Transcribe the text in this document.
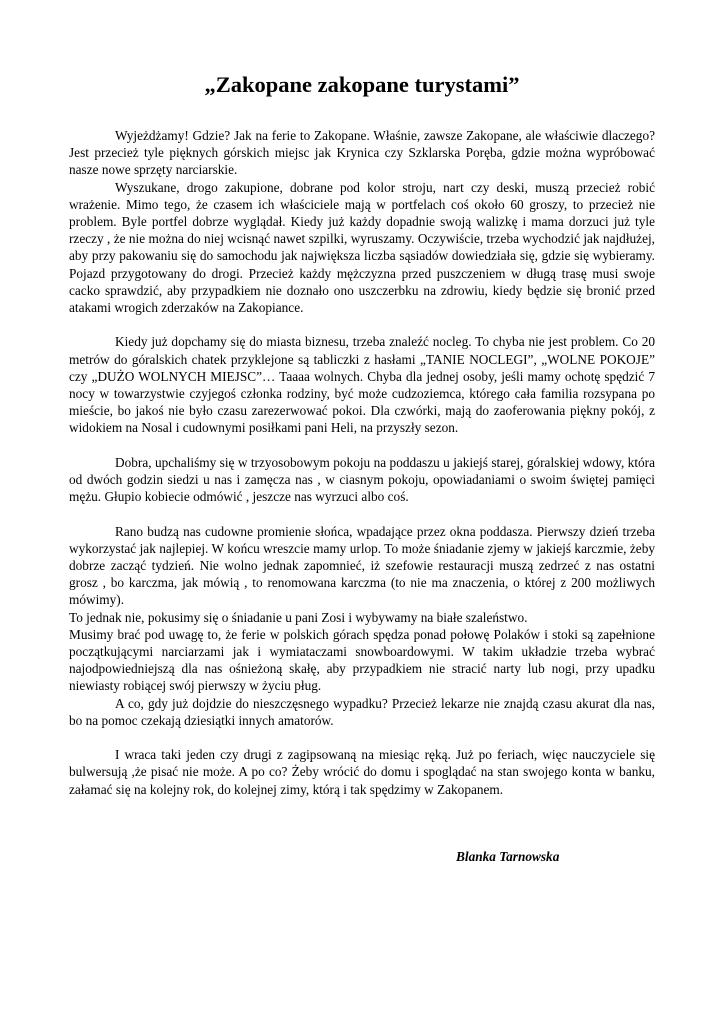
„Zakopane zakopane turystami”

Wyjeżdżamy! Gdzie? Jak na ferie to Zakopane. Właśnie, zawsze Zakopane, ale właściwie dlaczego? Jest przecież tyle pięknych górskich miejsc jak Krynica czy Szklarska Poręba, gdzie można wypróbować nasze nowe sprzęty narciarskie.

Wyszukane, drogo zakupione, dobrane pod kolor stroju, nart czy deski, muszą przecież robić wrażenie. Mimo tego, że czasem ich właściciele mają w portfelach coś około 60 groszy, to przecież nie problem. Byle portfel dobrze wyglądał. Kiedy już każdy dopadnie swoją walizkę i mama dorzuci już tyle rzeczy , że nie można do niej wcisnąć nawet szpilki, wyruszamy. Oczywiście, trzeba wychodzić jak najdłużej, aby przy pakowaniu się do samochodu jak największa liczba sąsiadów dowiedziała się, gdzie się wybieramy. Pojazd przygotowany do drogi. Przecież każdy mężczyzna przed puszczeniem w długą trasę musi swoje cacko sprawdzić, aby przypadkiem nie doznało ono uszczerbku na zdrowiu, kiedy będzie się bronić przed atakami wrogich zderzaków na Zakopiance.

Kiedy już dopchamy się do miasta biznesu, trzeba znaleźć nocleg. To chyba nie jest problem. Co 20 metrów do góralskich chatek przyklejone są tabliczki z hasłami „TANIE NOCLEGI”, „WOLNE POKOJE” czy „DUŻO WOLNYCH MIEJSC”… Taaaa wolnych. Chyba dla jednej osoby, jeśli mamy ochotę spędzić 7 nocy w towarzystwie czyjegoś członka rodziny, być może cudzoziemca, którego cała familia rozsypana po mieście, bo jakoś nie było czasu zarezerwować pokoi. Dla czwórki, mają do zaoferowania piękny pokój, z widokiem na Nosal i cudownymi posiłkami pani Heli, na przyszły sezon.

Dobra, upchaliśmy się w trzyosobowym pokoju na poddaszu u jakiejś starej, góralskiej wdowy, która od dwóch godzin siedzi u nas i zamęcza nas , w ciasnym pokoju, opowiadaniami o swoim świętej pamięci mężu. Głupio kobiecie odmówić , jeszcze nas wyrzuci albo coś.

Rano budzą nas cudowne promienie słońca, wpadające przez okna poddasza. Pierwszy dzień trzeba wykorzystać jak najlepiej. W końcu wreszcie mamy urlop. To może śniadanie zjemy w jakiejś karczmie, żeby dobrze zacząć tydzień. Nie wolno jednak zapomnieć, iż szefowie restauracji muszą zedrzeć z nas ostatni grosz , bo karczma, jak mówią , to renomowana karczma (to nie ma znaczenia, o której z 200 możliwych mówimy).

To jednak nie, pokusimy się o śniadanie u pani Zosi i wybywamy na białe szaleństwo.

Musimy brać pod uwagę to, że ferie w polskich górach spędza ponad połowę Polaków i stoki są zapełnione początkującymi narciarzami jak i wymiataczami snowboardowymi. W takim układzie trzeba wybrać najodpowiedniejszą dla nas ośnieżoną skałę, aby przypadkiem nie stracić narty lub nogi, przy upadku niewiasty robiącej swój pierwszy w życiu pług.

A co, gdy już dojdzie do nieszczęsnego wypadku? Przecież lekarze nie znajdą czasu akurat dla nas, bo na pomoc czekają dziesiątki innych amatorów.

I wraca taki jeden czy drugi z zagipsowaną na miesiąc ręką. Już po feriach, więc nauczyciele się bulwersują ,że pisać nie może. A po co? Żeby wrócić do domu i spoglądać na stan swojego konta w banku, załamać się na kolejny rok, do kolejnej zimy, którą i tak spędzimy w Zakopanem.

Blanka Tarnowska
